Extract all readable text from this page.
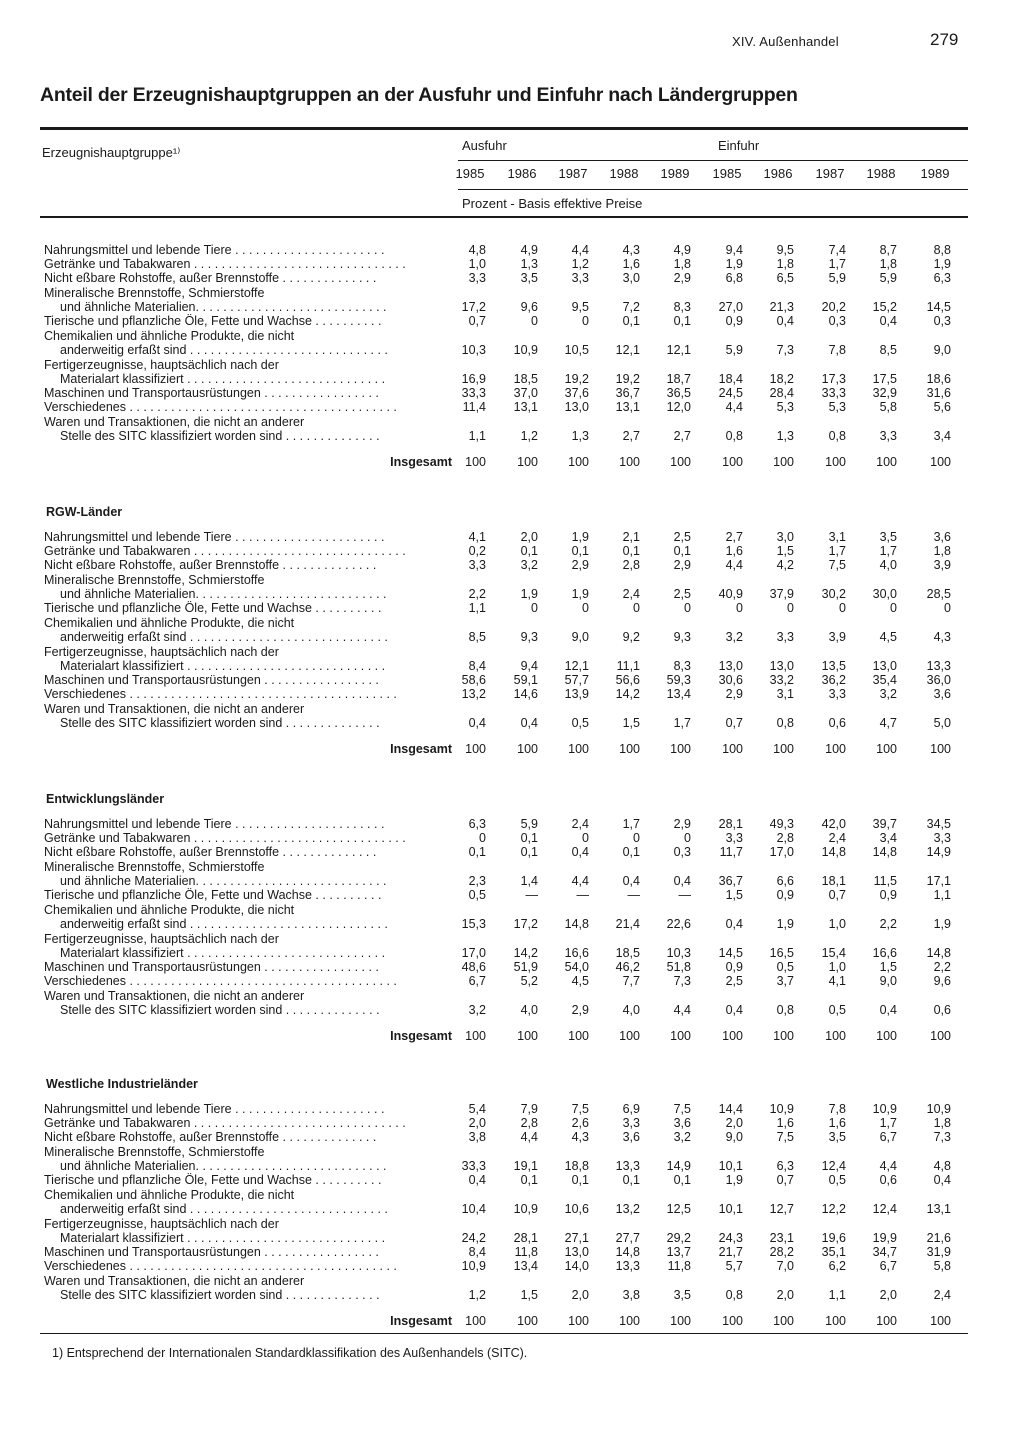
XIV. Außenhandel	279
Anteil der Erzeugnishauptgruppen an der Ausfuhr und Einfuhr nach Ländergruppen
Erzeugnishauptgruppe¹⁾	Ausfuhr	Einfuhr
Prozent - Basis effektive Preise
1985	1986	1987	1988	1989	1985	1986	1987	1988	1989
Nahrungsmittel und lebende Tiere . . . . . . . . . . . . . . . . . . . . . .	4,8	4,9	4,4	4,3	4,9	9,4	9,5	7,4	8,7	8,8
Getränke und Tabakwaren . . . . . . . . . . . . . . . . . . . . . . . . . . . . . . .	1,0	1,3	1,2	1,6	1,8	1,9	1,8	1,7	1,8	1,9
Nicht eßbare Rohstoffe, außer Brennstoffe . . . . . . . . . . . . . .	3,3	3,5	3,3	3,0	2,9	6,8	6,5	5,9	5,9	6,3
Mineralische Brennstoffe, Schmierstoffe
und ähnliche Materialien. . . . . . . . . . . . . . . . . . . . . . . . . . . .	17,2	9,6	9,5	7,2	8,3	27,0	21,3	20,2	15,2	14,5
Tierische und pflanzliche Öle, Fette und Wachse . . . . . . . . . .	0,7	0	0	0,1	0,1	0,9	0,4	0,3	0,4	0,3
Chemikalien und ähnliche Produkte, die nicht
anderweitig erfaßt sind . . . . . . . . . . . . . . . . . . . . . . . . . . . . .	10,3	10,9	10,5	12,1	12,1	5,9	7,3	7,8	8,5	9,0
Fertigerzeugnisse, hauptsächlich nach der
Materialart klassifiziert . . . . . . . . . . . . . . . . . . . . . . . . . . . . .	16,9	18,5	19,2	19,2	18,7	18,4	18,2	17,3	17,5	18,6
Maschinen und Transportausrüstungen . . . . . . . . . . . . . . . . .	33,3	37,0	37,6	36,7	36,5	24,5	28,4	33,3	32,9	31,6
Verschiedenes . . . . . . . . . . . . . . . . . . . . . . . . . . . . . . . . . . . . . . .	11,4	13,1	13,0	13,1	12,0	4,4	5,3	5,3	5,8	5,6
Waren und Transaktionen, die nicht an anderer
Stelle des SITC klassifiziert worden sind . . . . . . . . . . . . . .	1,1	1,2	1,3	2,7	2,7	0,8	1,3	0,8	3,3	3,4
Insgesamt	100	100	100	100	100	100	100	100	100	100
RGW-Länder
Nahrungsmittel und lebende Tiere . . . . . . . . . . . . . . . . . . . . . .	4,1	2,0	1,9	2,1	2,5	2,7	3,0	3,1	3,5	3,6
Getränke und Tabakwaren . . . . . . . . . . . . . . . . . . . . . . . . . . . . . . .	0,2	0,1	0,1	0,1	0,1	1,6	1,5	1,7	1,7	1,8
Nicht eßbare Rohstoffe, außer Brennstoffe . . . . . . . . . . . . . .	3,3	3,2	2,9	2,8	2,9	4,4	4,2	7,5	4,0	3,9
Mineralische Brennstoffe, Schmierstoffe
und ähnliche Materialien. . . . . . . . . . . . . . . . . . . . . . . . . . . .	2,2	1,9	1,9	2,4	2,5	40,9	37,9	30,2	30,0	28,5
Tierische und pflanzliche Öle, Fette und Wachse . . . . . . . . . .	1,1	0	0	0	0	0	0	0	0	0
Chemikalien und ähnliche Produkte, die nicht
anderweitig erfaßt sind . . . . . . . . . . . . . . . . . . . . . . . . . . . . .	8,5	9,3	9,0	9,2	9,3	3,2	3,3	3,9	4,5	4,3
Fertigerzeugnisse, hauptsächlich nach der
Materialart klassifiziert . . . . . . . . . . . . . . . . . . . . . . . . . . . . .	8,4	9,4	12,1	11,1	8,3	13,0	13,0	13,5	13,0	13,3
Maschinen und Transportausrüstungen . . . . . . . . . . . . . . . . .	58,6	59,1	57,7	56,6	59,3	30,6	33,2	36,2	35,4	36,0
Verschiedenes . . . . . . . . . . . . . . . . . . . . . . . . . . . . . . . . . . . . . . .	13,2	14,6	13,9	14,2	13,4	2,9	3,1	3,3	3,2	3,6
Waren und Transaktionen, die nicht an anderer
Stelle des SITC klassifiziert worden sind . . . . . . . . . . . . . .	0,4	0,4	0,5	1,5	1,7	0,7	0,8	0,6	4,7	5,0
Insgesamt	100	100	100	100	100	100	100	100	100	100
Entwicklungsländer
Nahrungsmittel und lebende Tiere . . . . . . . . . . . . . . . . . . . . . .	6,3	5,9	2,4	1,7	2,9	28,1	49,3	42,0	39,7	34,5
Getränke und Tabakwaren . . . . . . . . . . . . . . . . . . . . . . . . . . . . . . .	0	0,1	0	0	0	3,3	2,8	2,4	3,4	3,3
Nicht eßbare Rohstoffe, außer Brennstoffe . . . . . . . . . . . . . .	0,1	0,1	0,4	0,1	0,3	11,7	17,0	14,8	14,8	14,9
Mineralische Brennstoffe, Schmierstoffe
und ähnliche Materialien. . . . . . . . . . . . . . . . . . . . . . . . . . . .	2,3	1,4	4,4	0,4	0,4	36,7	6,6	18,1	11,5	17,1
Tierische und pflanzliche Öle, Fette und Wachse . . . . . . . . . .	0,5	—	—	—	—	1,5	0,9	0,7	0,9	1,1
Chemikalien und ähnliche Produkte, die nicht
anderweitig erfaßt sind . . . . . . . . . . . . . . . . . . . . . . . . . . . . .	15,3	17,2	14,8	21,4	22,6	0,4	1,9	1,0	2,2	1,9
Fertigerzeugnisse, hauptsächlich nach der
Materialart klassifiziert . . . . . . . . . . . . . . . . . . . . . . . . . . . . .	17,0	14,2	16,6	18,5	10,3	14,5	16,5	15,4	16,6	14,8
Maschinen und Transportausrüstungen . . . . . . . . . . . . . . . . .	48,6	51,9	54,0	46,2	51,8	0,9	0,5	1,0	1,5	2,2
Verschiedenes . . . . . . . . . . . . . . . . . . . . . . . . . . . . . . . . . . . . . . .	6,7	5,2	4,5	7,7	7,3	2,5	3,7	4,1	9,0	9,6
Waren und Transaktionen, die nicht an anderer
Stelle des SITC klassifiziert worden sind . . . . . . . . . . . . . .	3,2	4,0	2,9	4,0	4,4	0,4	0,8	0,5	0,4	0,6
Insgesamt	100	100	100	100	100	100	100	100	100	100
Westliche Industrieländer
Nahrungsmittel und lebende Tiere . . . . . . . . . . . . . . . . . . . . . .	5,4	7,9	7,5	6,9	7,5	14,4	10,9	7,8	10,9	10,9
Getränke und Tabakwaren . . . . . . . . . . . . . . . . . . . . . . . . . . . . . . .	2,0	2,8	2,6	3,3	3,6	2,0	1,6	1,6	1,7	1,8
Nicht eßbare Rohstoffe, außer Brennstoffe . . . . . . . . . . . . . .	3,8	4,4	4,3	3,6	3,2	9,0	7,5	3,5	6,7	7,3
Mineralische Brennstoffe, Schmierstoffe
und ähnliche Materialien. . . . . . . . . . . . . . . . . . . . . . . . . . . .	33,3	19,1	18,8	13,3	14,9	10,1	6,3	12,4	4,4	4,8
Tierische und pflanzliche Öle, Fette und Wachse . . . . . . . . . .	0,4	0,1	0,1	0,1	0,1	1,9	0,7	0,5	0,6	0,4
Chemikalien und ähnliche Produkte, die nicht
anderweitig erfaßt sind . . . . . . . . . . . . . . . . . . . . . . . . . . . . .	10,4	10,9	10,6	13,2	12,5	10,1	12,7	12,2	12,4	13,1
Fertigerzeugnisse, hauptsächlich nach der
Materialart klassifiziert . . . . . . . . . . . . . . . . . . . . . . . . . . . . .	24,2	28,1	27,1	27,7	29,2	24,3	23,1	19,6	19,9	21,6
Maschinen und Transportausrüstungen . . . . . . . . . . . . . . . . .	8,4	11,8	13,0	14,8	13,7	21,7	28,2	35,1	34,7	31,9
Verschiedenes . . . . . . . . . . . . . . . . . . . . . . . . . . . . . . . . . . . . . . .	10,9	13,4	14,0	13,3	11,8	5,7	7,0	6,2	6,7	5,8
Waren und Transaktionen, die nicht an anderer
Stelle des SITC klassifiziert worden sind . . . . . . . . . . . . . .	1,2	1,5	2,0	3,8	3,5	0,8	2,0	1,1	2,0	2,4
Insgesamt	100	100	100	100	100	100	100	100	100	100
1) Entsprechend der Internationalen Standardklassifikation des Außenhandels (SITC).
